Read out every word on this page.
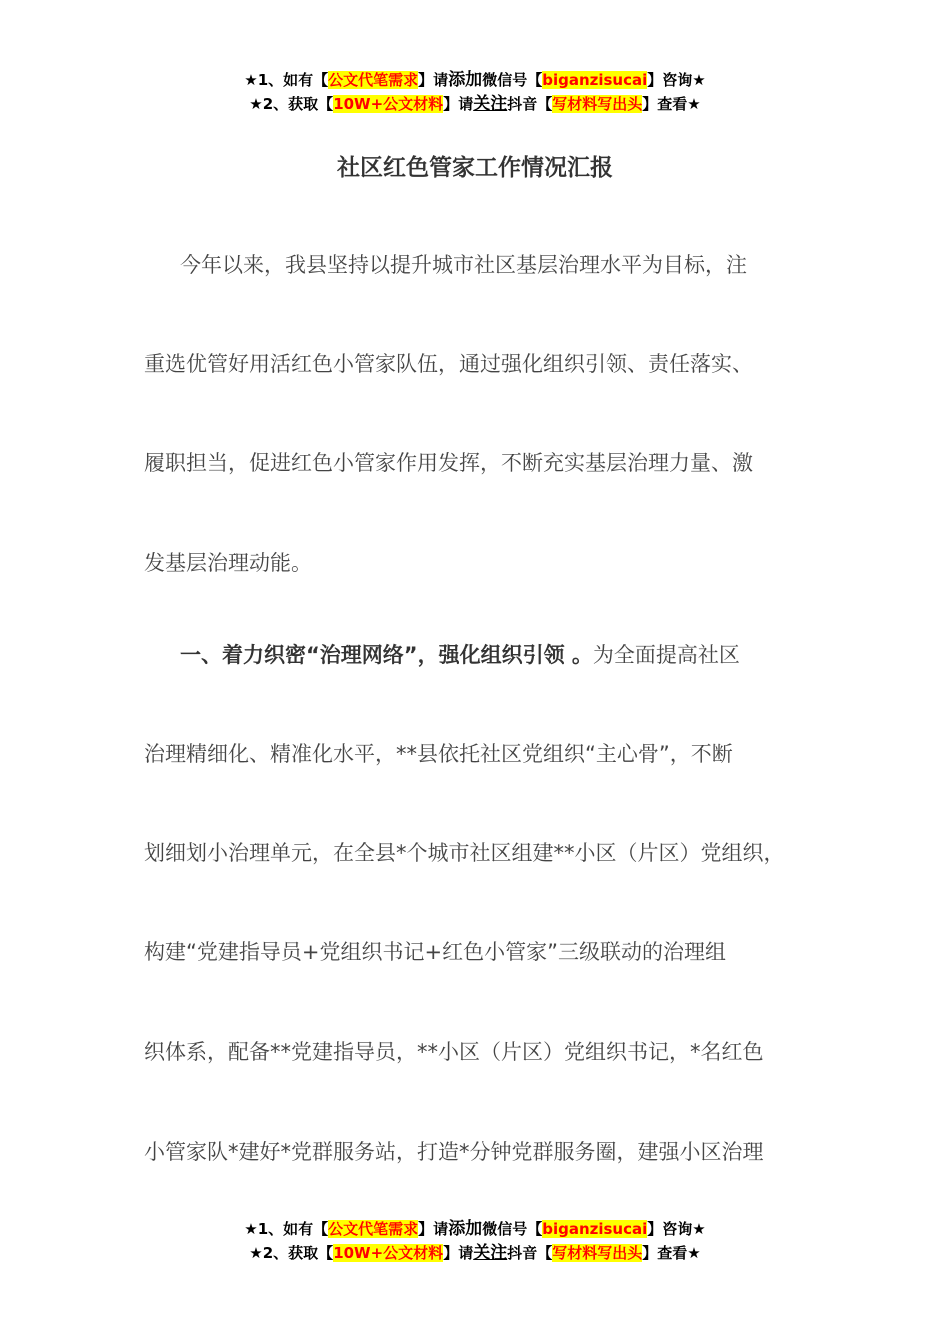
★1、如有【公文代笔需求】请添加微信号【biganzisucai】咨询★
★2、获取【10W+公文材料】请关注抖音【写材料写出头】查看★
社区红色管家工作情况汇报
今年以来，我县坚持以提升城市社区基层治理水平为目标，注
重选优管好用活红色小管家队伍，通过强化组织引领、责任落实、
履职担当，促进红色小管家作用发挥，不断充实基层治理力量、激
发基层治理动能。
一、着力织密“治理网络”，强化组织引领 。为全面提高社区
治理精细化、精准化水平，**县依托社区党组织“主心骨”，不断
划细划小治理单元，在全县*个城市社区组建**小区（片区）党组织，
构建“党建指导员+党组织书记+红色小管家”三级联动的治理组
织体系，配备**党建指导员，**小区（片区）党组织书记，*名红色
小管家队*建好*党群服务站，打造*分钟党群服务圈，建强小区治理
★1、如有【公文代笔需求】请添加微信号【biganzisucai】咨询★
★2、获取【10W+公文材料】请关注抖音【写材料写出头】查看★
